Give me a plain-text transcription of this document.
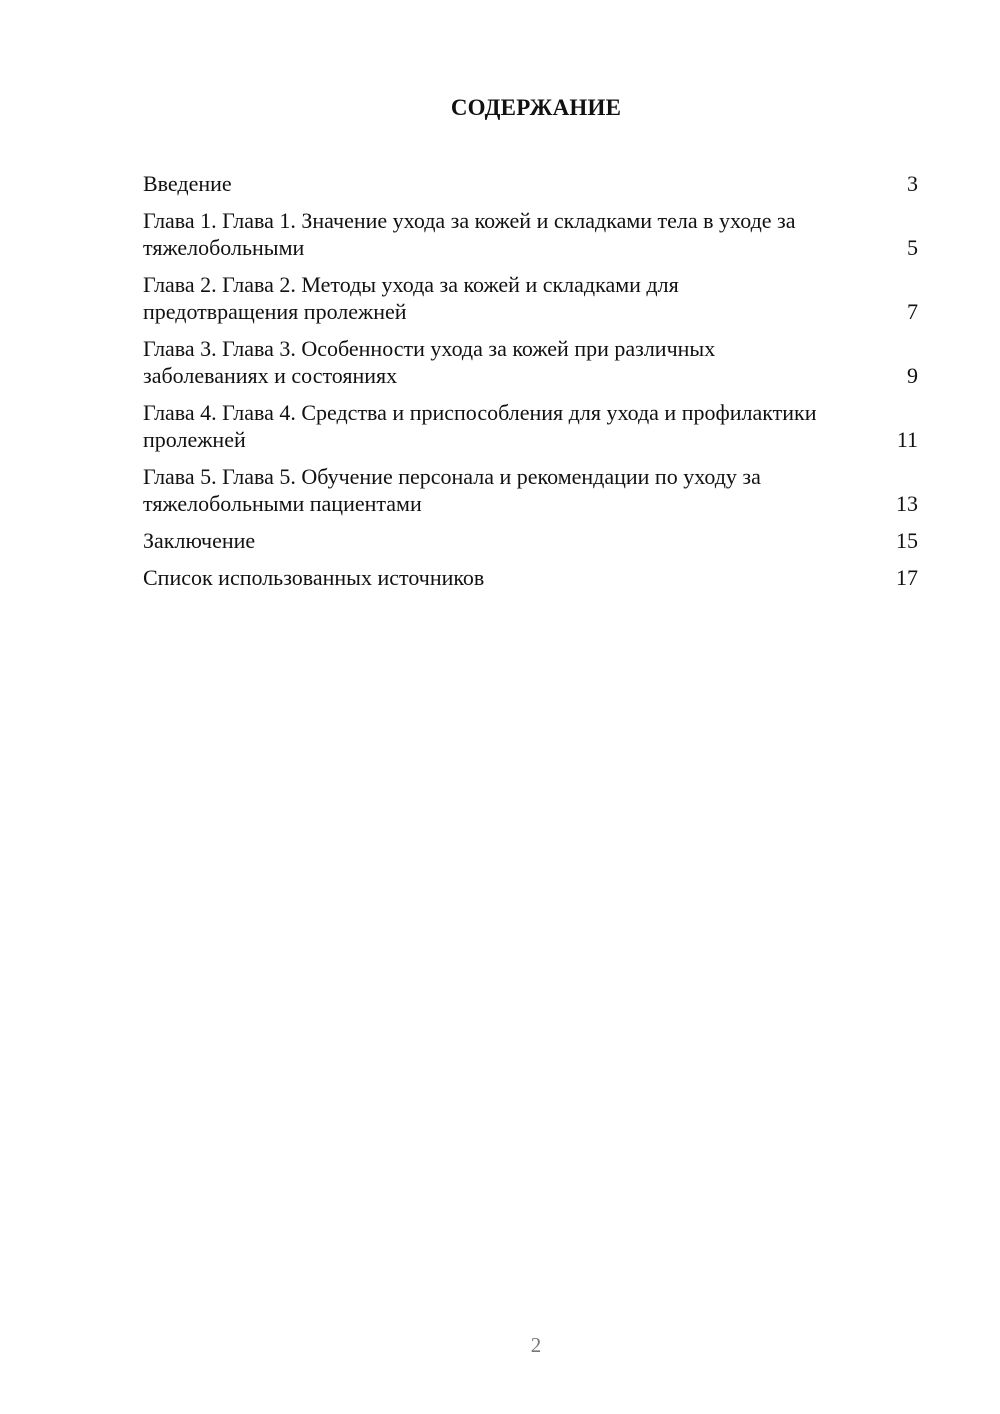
СОДЕРЖАНИЕ
Введение	3
Глава 1. Глава 1. Значение ухода за кожей и складками тела в уходе за тяжелобольными	5
Глава 2. Глава 2. Методы ухода за кожей и складками для предотвращения пролежней	7
Глава 3. Глава 3. Особенности ухода за кожей при различных заболеваниях и состояниях	9
Глава 4. Глава 4. Средства и приспособления для ухода и профилактики пролежней	11
Глава 5. Глава 5. Обучение персонала и рекомендации по уходу за тяжелобольными пациентами	13
Заключение	15
Список использованных источников	17
2
